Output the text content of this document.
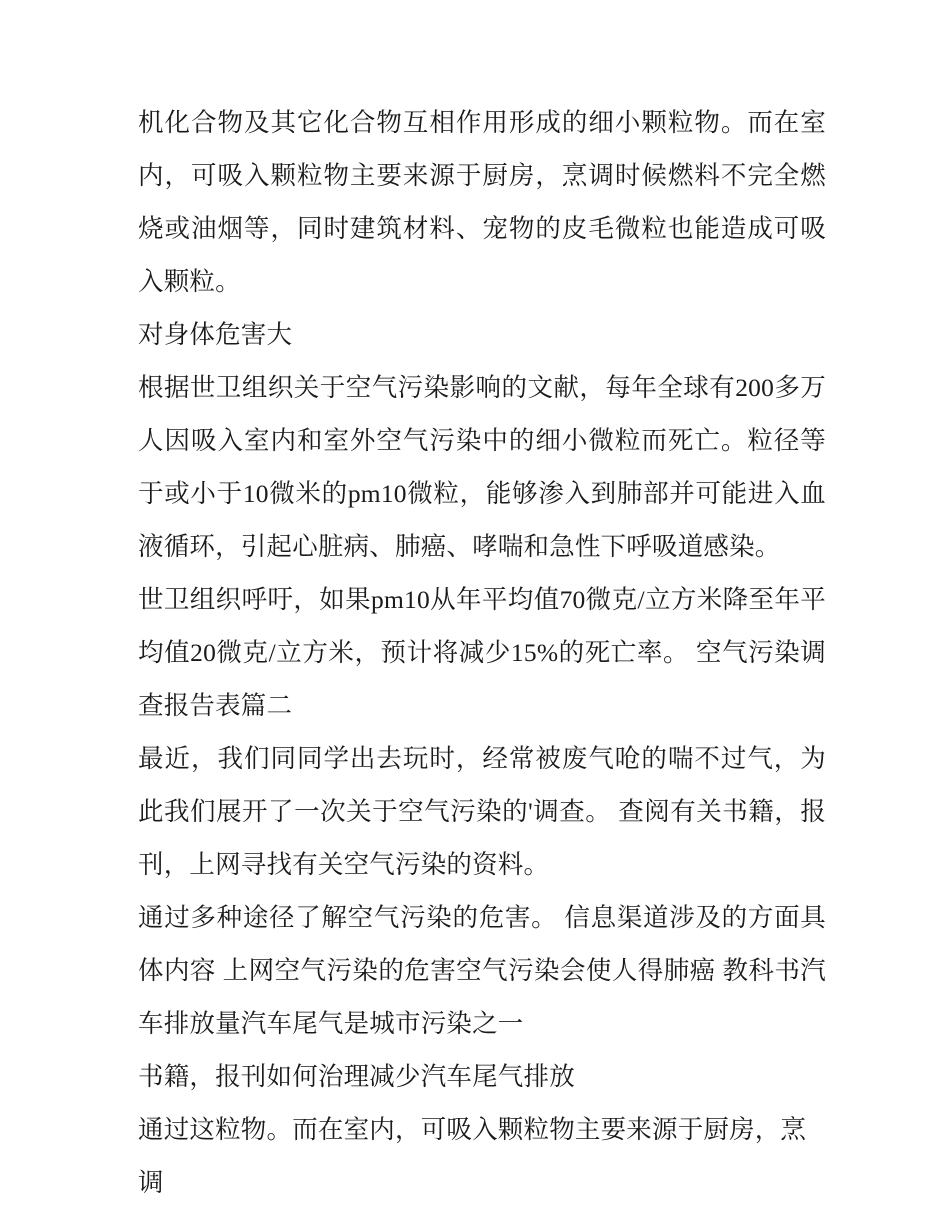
机化合物及其它化合物互相作用形成的细小颗粒物。而在室内，可吸入颗粒物主要来源于厨房，烹调时候燃料不完全燃烧或油烟等，同时建筑材料、宠物的皮毛微粒也能造成可吸入颗粒。

对身体危害大

根据世卫组织关于空气污染影响的文献，每年全球有200多万人因吸入室内和室外空气污染中的细小微粒而死亡。粒径等于或小于10微米的pm10微粒，能够渗入到肺部并可能进入血液循环，引起心脏病、肺癌、哮喘和急性下呼吸道感染。

世卫组织呼吁，如果pm10从年平均值70微克/立方米降至年平均值20微克/立方米，预计将减少15%的死亡率。 空气污染调查报告表篇二

最近，我们同同学出去玩时，经常被废气呛的喘不过气，为此我们展开了一次关于空气污染的'调查。 查阅有关书籍，报刊，上网寻找有关空气污染的资料。

通过多种途径了解空气污染的危害。 信息渠道涉及的方面具体内容 上网空气污染的危害空气污染会使人得肺癌 教科书汽车排放量汽车尾气是城市污染之一

书籍，报刊如何治理减少汽车尾气排放

通过这粒物。而在室内，可吸入颗粒物主要来源于厨房，烹调
